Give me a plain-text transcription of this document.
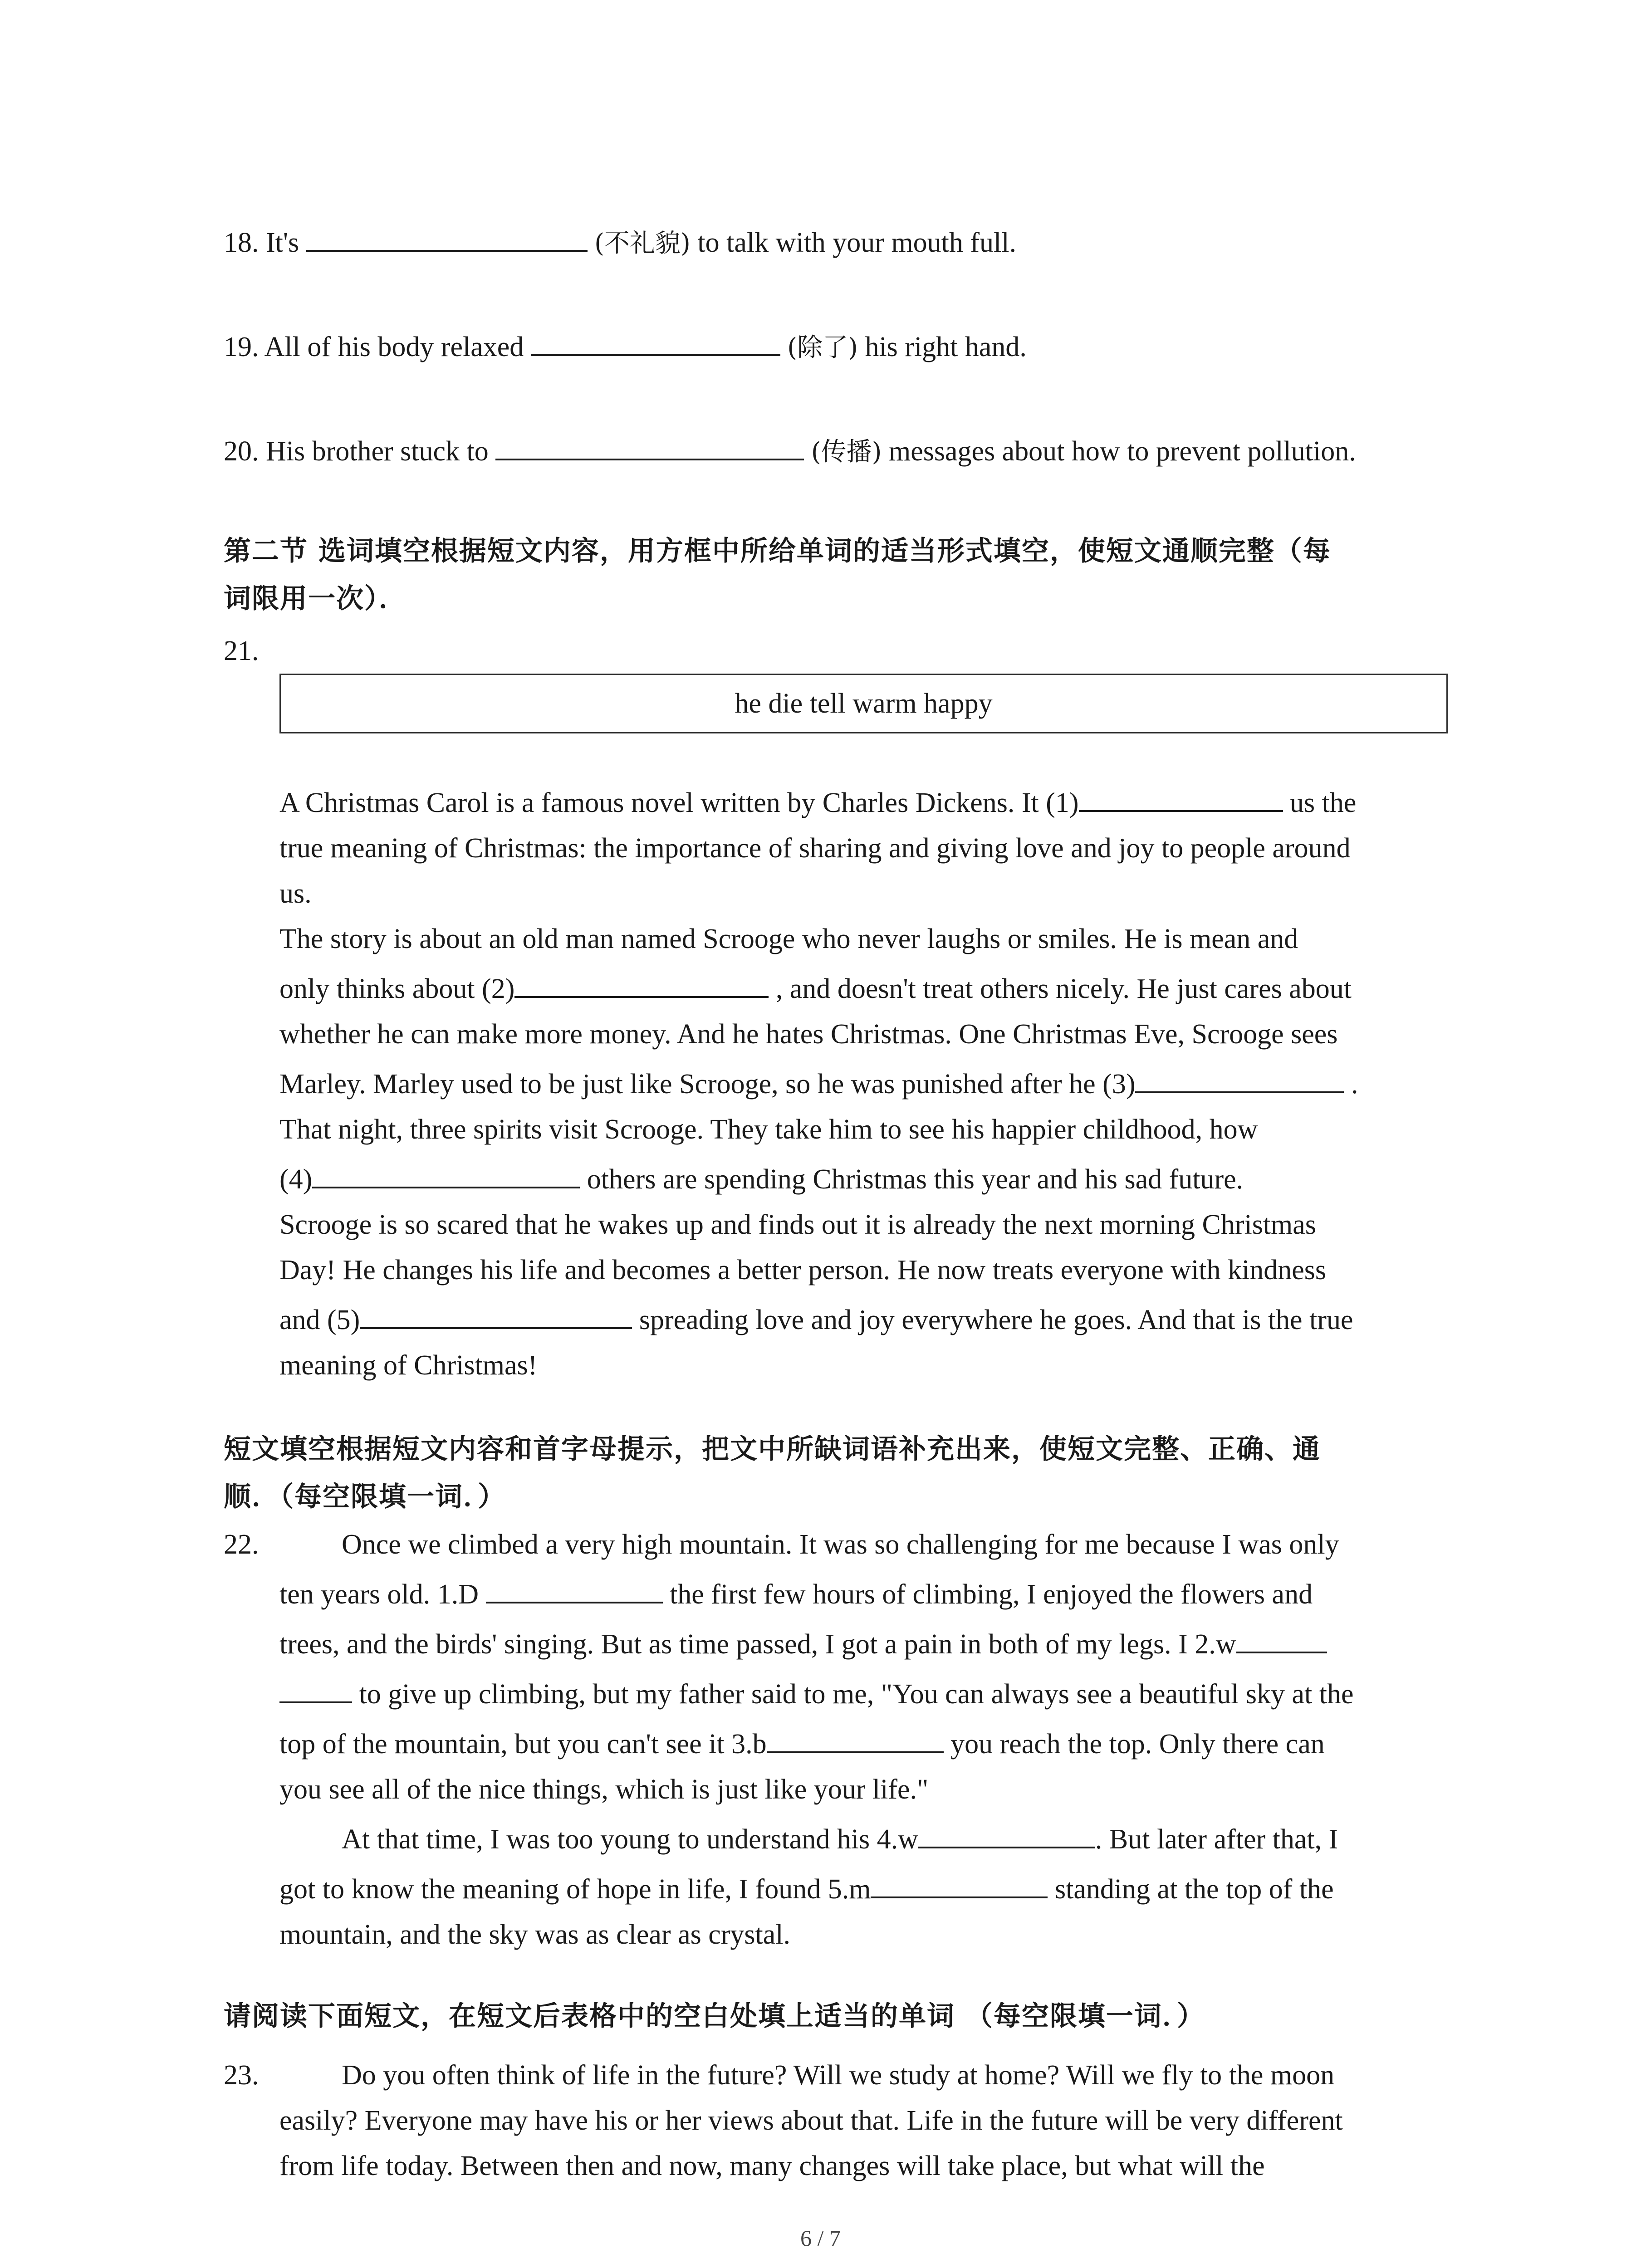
18. It's	(不礼貌) to talk with your mouth full.
19. All of his body relaxed	(除了) his right hand.
20. His brother stuck to	(传播) messages about how to prevent pollution.
第二节 选词填空根据短文内容，用方框中所给单词的适当形式填空，使短文通顺完整（每
词限用一次）．
21.
he die tell warm happy
A Christmas Carol is a famous novel written by Charles Dickens. It (1)	us the
true meaning of Christmas: the importance of sharing and giving love and joy to people around
us.
The story is about an old man named Scrooge who never laughs or smiles. He is mean and
only thinks about (2)	, and doesn't treat others nicely. He just cares about
whether he can make more money. And he hates Christmas. One Christmas Eve, Scrooge sees
Marley. Marley used to be just like Scrooge, so he was punished after he (3)	.
That night, three spirits visit Scrooge. They take him to see his happier childhood, how
(4)	others are spending Christmas this year and his sad future.
Scrooge is so scared that he wakes up and finds out it is already the next morning Christmas
Day! He changes his life and becomes a better person. He now treats everyone with kindness
and (5)	spreading love and joy everywhere he goes. And that is the true
meaning of Christmas!
短文填空根据短文内容和首字母提示，把文中所缺词语补充出来，使短文完整、正确、通
顺．（每空限填一词．）
22.	Once we climbed a very high mountain. It was so challenging for me because I was only
ten years old. 1.D	the first few hours of climbing, I enjoyed the flowers and
trees, and the birds' singing. But as time passed, I got a pain in both of my legs. I 2.w
to give up climbing, but my father said to me, "You can always see a beautiful sky at the
top of the mountain, but you can't see it 3.b	you reach the top. Only there can
you see all of the nice things, which is just like your life."
At that time, I was too young to understand his 4.w	. But later after that, I
got to know the meaning of hope in life, I found 5.m	standing at the top of the
mountain, and the sky was as clear as crystal.
请阅读下面短文，在短文后表格中的空白处填上适当的单词 （每空限填一词．）
23.	Do you often think of life in the future? Will we study at home? Will we fly to the moon
easily? Everyone may have his or her views about that. Life in the future will be very different
from life today. Between then and now, many changes will take place, but what will the
6 / 7
